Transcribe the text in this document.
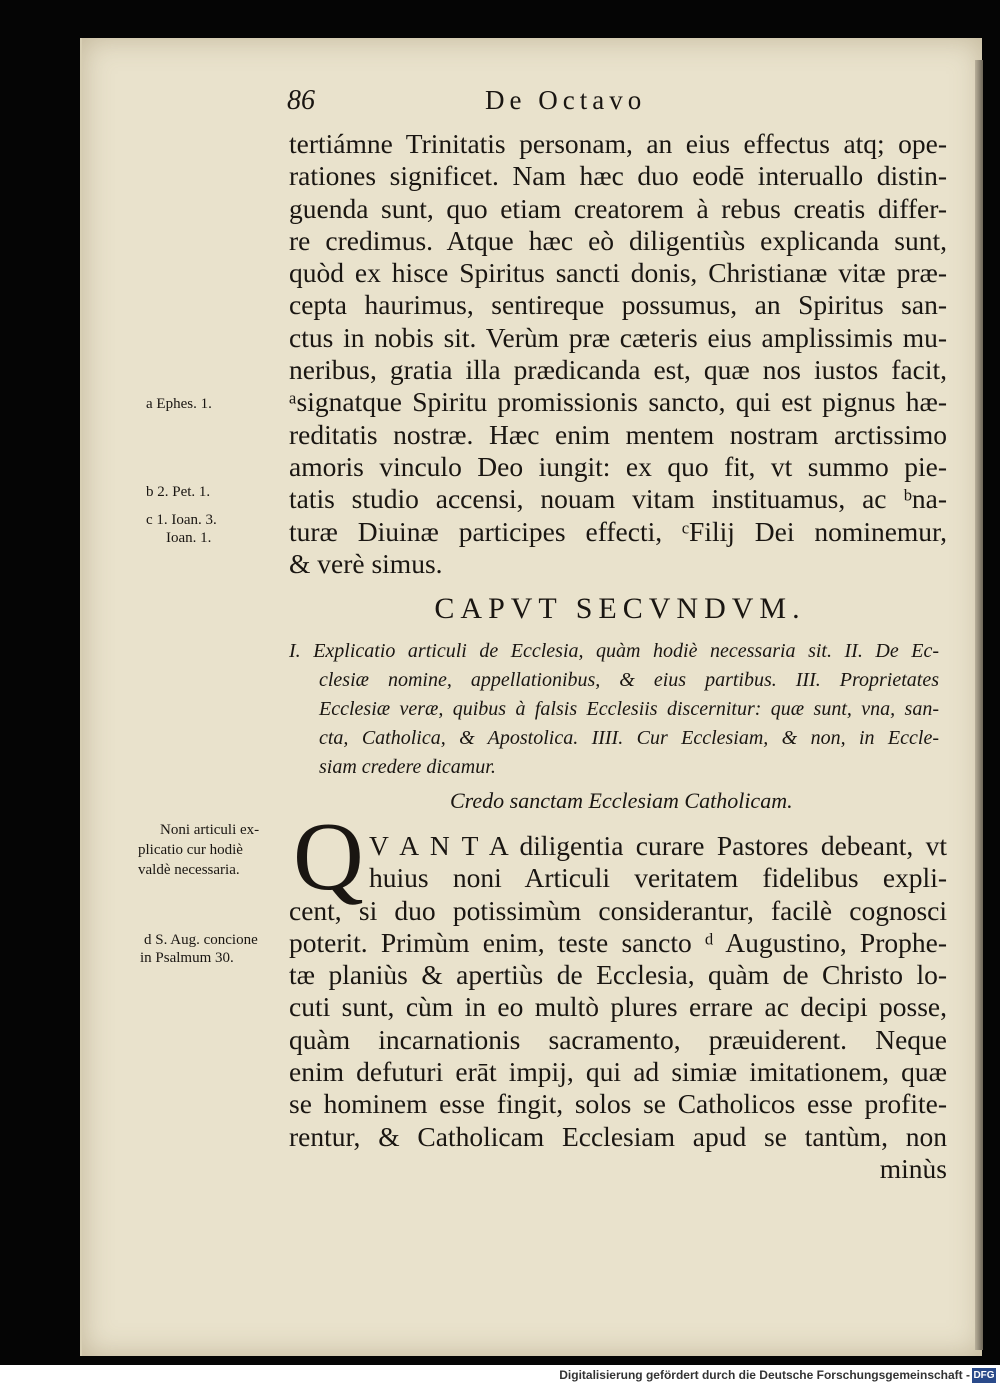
86	De Octavo
tertiámne Trinitatis personam, an eius effectus atq; ope-
rationes significet. Nam hæc duo eodē interuallo distin-
guenda sunt, quo etiam creatorem à rebus creatis differ-
re credimus. Atque hæc eò diligentiùs explicanda sunt,
quòd ex hisce Spiritus sancti donis, Christianæ vitæ præ-
cepta haurimus, sentireque possumus, an Spiritus san-
ctus in nobis sit. Verùm præ cæteris eius amplissimis mu-
neribus, gratia illa prædicanda est, quæ nos iustos facit,
ᵃsignatque Spiritu promissionis sancto, qui est pignus hæ-
reditatis nostræ. Hæc enim mentem nostram arctissimo
amoris vinculo Deo iungit: ex quo fit, vt summo pie-
tatis studio accensi, nouam vitam instituamus, ac ᵇna-
turæ Diuinæ participes effecti, ᶜFilij Dei nominemur,
& verè simus.
CAPVT SECVNDVM.
I. Explicatio articuli de Ecclesia, quàm hodiè necessaria sit. II. De Ec-
clesiæ nomine, appellationibus, & eius partibus. III. Proprietates
Ecclesiæ veræ, quibus à falsis Ecclesiis discernitur: quæ sunt, vna, san-
cta, Catholica, & Apostolica. IIII. Cur Ecclesiam, & non, in Eccle-
siam credere dicamur.
Credo sanctam Ecclesiam Catholicam.
Q V A N T A diligentia curare Pastores debeant, vt
huius noni Articuli veritatem fidelibus expli-
cent, si duo potissimùm considerantur, facilè cognosci
poterit. Primùm enim, teste sancto ᵈ Augustino, Prophe-
tæ planiùs & apertiùs de Ecclesia, quàm de Christo lo-
cuti sunt, cùm in eo multò plures errare ac decipi posse,
quàm incarnationis sacramento, præuiderent. Neque
enim defuturi erāt impij, qui ad simiæ imitationem, quæ
se hominem esse fingit, solos se Catholicos esse profite-
rentur, & Catholicam Ecclesiam apud se tantùm, non
minùs
a Ephes. 1.
b 2. Pet. 1.
c 1. Ioan. 3.
Ioan. 1.
Noni articuli ex-
plicatio cur hodiè
valdè necessaria.
d S. Aug. concione
in Psalmum 30.
Digitalisierung gefördert durch die Deutsche Forschungsgemeinschaft - DFG
